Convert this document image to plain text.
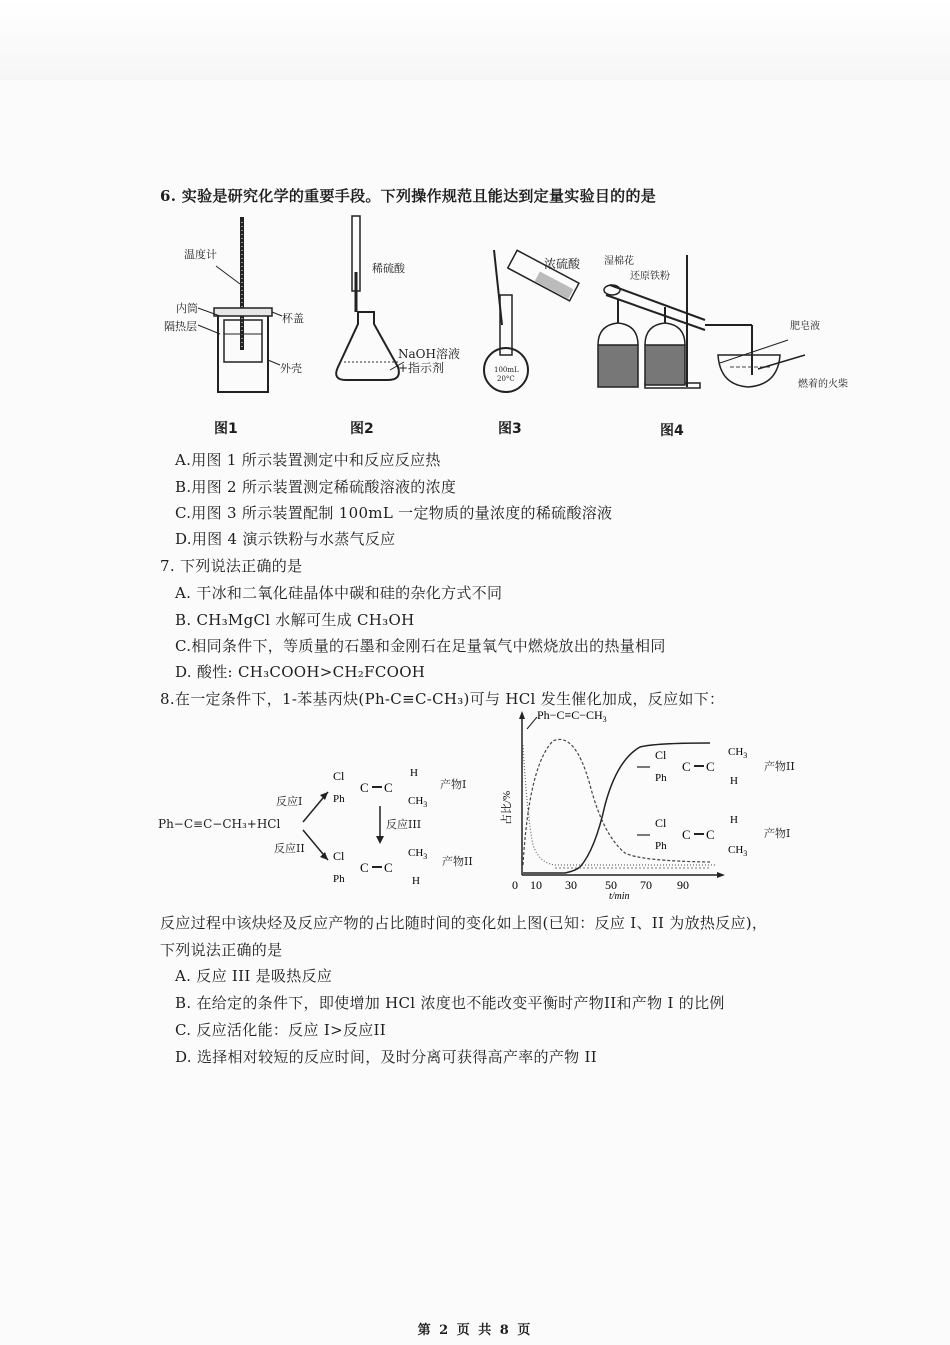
6. 实验是研究化学的重要手段。下列操作规范且能达到定量实验目的的是
温度计
内筒
隔热层
杯盖
外壳
图1
稀硫酸
NaOH溶液
+指示剂
图2
浓硫酸
100mL
20°C
图3
湿棉花
还原铁粉
肥皂液
燃着的火柴
图4
A.用图 1 所示装置测定中和反应反应热
B.用图 2 所示装置测定稀硫酸溶液的浓度
C.用图 3 所示装置配制 100mL 一定物质的量浓度的稀硫酸溶液
D.用图 4 演示铁粉与水蒸气反应
7. 下列说法正确的是
A. 干冰和二氧化硅晶体中碳和硅的杂化方式不同
B. CH₃MgCl 水解可生成 CH₃OH
C.相同条件下，等质量的石墨和金刚石在足量氧气中燃烧放出的热量相同
D. 酸性: CH₃COOH>CH₂FCOOH
8.在一定条件下，1-苯基丙炔(Ph-C≡C-CH₃)可与 HCl 发生催化加成，反应如下：
Cl
Ph
C C
H
$CH_3$
Cl
Ph
C C
$CH_3$
H
Ph−C≡C−CH₃+HCl
反应I
反应II
反应III
产物I
产物II
0 10 30 50 70 90
t/min
占比/%
$Ph-C\equiv C-CH_3$
Cl
Ph
C C
$CH_3$
H
Cl
Ph
C C
H
$CH_3$
产物II
产物I
反应过程中该炔烃及反应产物的占比随时间的变化如上图(已知：反应 I、II 为放热反应)，
下列说法正确的是
A. 反应 III 是吸热反应
B. 在给定的条件下，即使增加 HCl 浓度也不能改变平衡时产物II和产物 I 的比例
C. 反应活化能：反应 I>反应II
D. 选择相对较短的反应时间，及时分离可获得高产率的产物 II
第 2 页 共 8 页
